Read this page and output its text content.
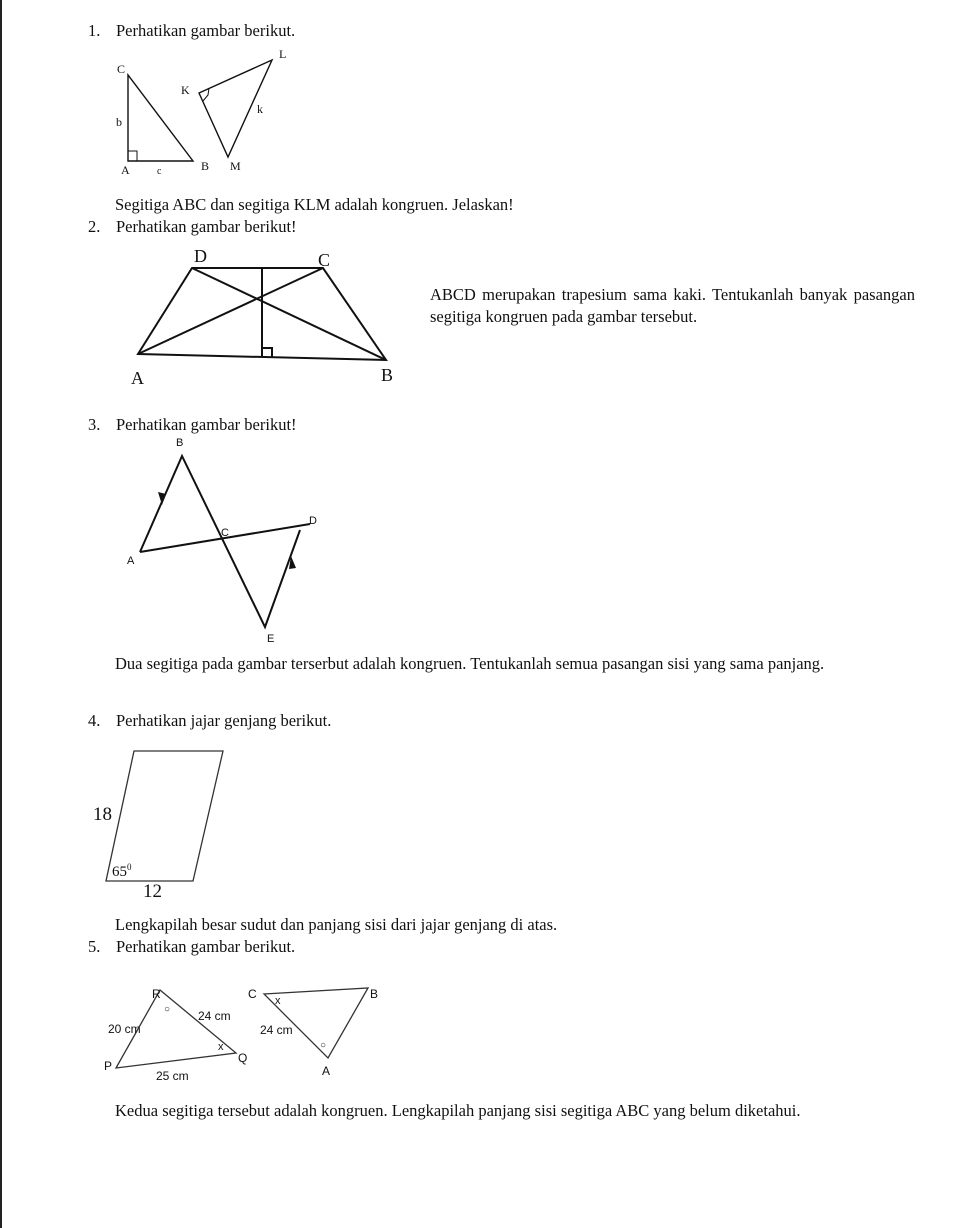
1. Perhatikan gambar berikut.
C
b
A	c	B
K
L
k
M
Segitiga ABC dan segitiga KLM adalah kongruen. Jelaskan!
2. Perhatikan gambar berikut!
D	C
A	B
ABCD merupakan trapesium sama kaki. Tentukanlah banyak pasangan segitiga kongruen pada gambar tersebut.
3. Perhatikan gambar berikut!
B
C
D
A
E
Dua segitiga pada gambar terserbut adalah kongruen. Tentukanlah semua pasangan sisi yang sama panjang.
4. Perhatikan jajar genjang berikut.
18
$65^0$
12
Lengkapilah besar sudut dan panjang sisi dari jajar genjang di atas.
5. Perhatikan gambar berikut.
R
○ 24 cm
20 cm
x
Q
P
25 cm
C x	B
24 cm
○
A
Kedua segitiga tersebut adalah kongruen. Lengkapilah panjang sisi segitiga ABC yang belum diketahui.
